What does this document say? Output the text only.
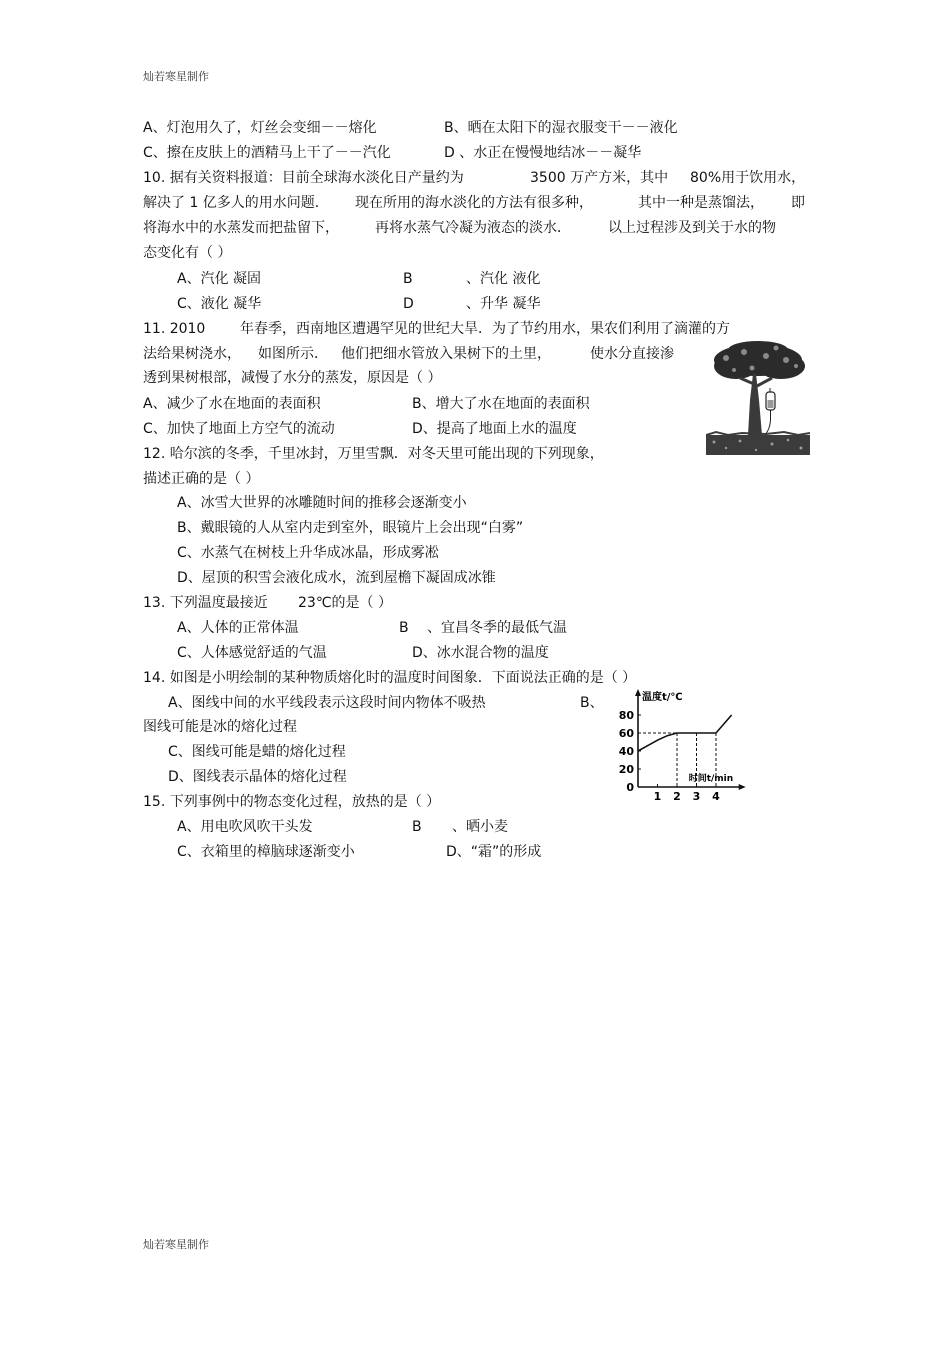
灿若寒星制作
灿若寒星制作
A、灯泡用久了，灯丝会变细－－熔化	B、晒在太阳下的湿衣服变干－－液化
C、擦在皮肤上的酒精马上干了－－汽化	D 、水正在慢慢地结冰－－凝华
10. 据有关资料报道：目前全球海水淡化日产量约为	3500 万产方米，其中 80%用于饮用水，
解决了 1 亿多人的用水问题． 现在所用的海水淡化的方法有很多种，	其中一种是蒸馏法， 即
将海水中的水蒸发而把盐留下，	再将水蒸气冷凝为液态的淡水．	以上过程涉及到关于水的物
态变化有（ ）
A、汽化 凝固	B	、汽化 液化
C、液化 凝华	D	、升华 凝华
11. 2010 年春季，西南地区遭遇罕见的世纪大旱．为了节约用水，果农们利用了滴灌的方
法给果树浇水， 如图所示． 他们把细水管放入果树下的土里，	使水分直接渗
透到果树根部，减慢了水分的蒸发，原因是（ ）
A、减少了水在地面的表面积	B、增大了水在地面的表面积
C、加快了地面上方空气的流动	D、提高了地面上水的温度
12. 哈尔滨的冬季，千里冰封，万里雪飘．对冬天里可能出现的下列现象，
描述正确的是（ ）
A、冰雪大世界的冰雕随时间的推移会逐渐变小
B、戴眼镜的人从室内走到室外，眼镜片上会出现“白雾”
C、水蒸气在树枝上升华成冰晶，形成雾凇
D、屋顶的积雪会液化成水，流到屋檐下凝固成冰锥
13. 下列温度最接近 23℃的是（ ）
A、人体的正常体温	B 、宜昌冬季的最低气温
C、人体感觉舒适的气温	D、冰水混合物的温度
14. 如图是小明绘制的某种物质熔化时的温度时间图象．下面说法正确的是（ ）
A、图线中间的水平线段表示这段时间内物体不吸热	B、
图线可能是冰的熔化过程
C、图线可能是蜡的熔化过程
D、图线表示晶体的熔化过程
温度t/℃
时间t/min
0
20
40
60
80
1 2 3 4
15. 下列事例中的物态变化过程，放热的是（ ）
A、用电吹风吹干头发	B 、晒小麦
C、衣箱里的樟脑球逐渐变小	D、“霜”的形成
